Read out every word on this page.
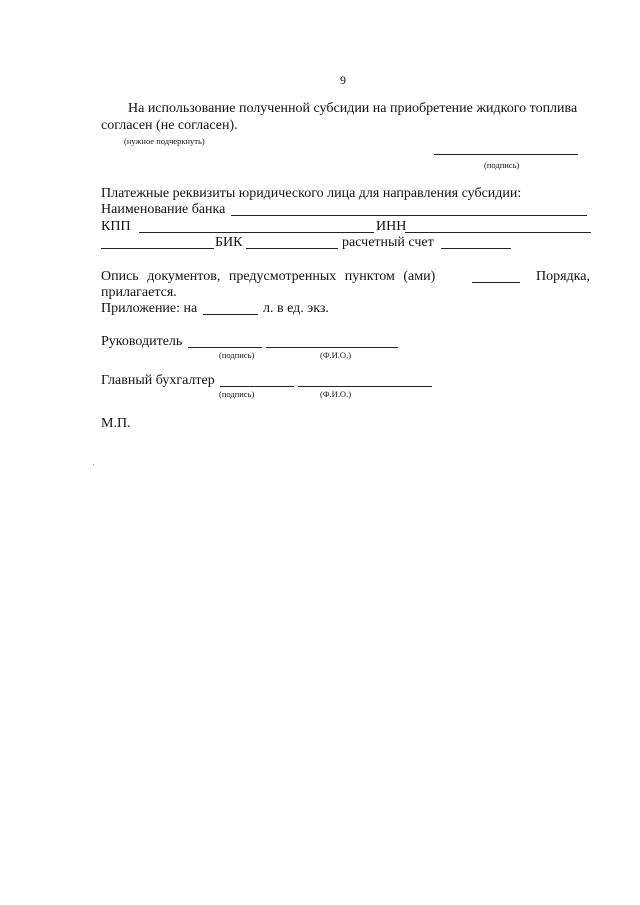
9
На использование полученной субсидии на приобретение жидкого топлива
согласен (не согласен).
(нужное подчеркнуть)
(подпись)
Платежные реквизиты юридического лица для направления субсидии:
Наименование банка
КПП	ИНН
БИК	расчетный счет
Опись документов, предусмотренных пунктом (ами)	Порядка,
прилагается.
Приложение: на	л. в ед. экз.
Руководитель
(подпись)	(Ф.И.О.)
Главный бухгалтер
(подпись)	(Ф.И.О.)
М.П.
